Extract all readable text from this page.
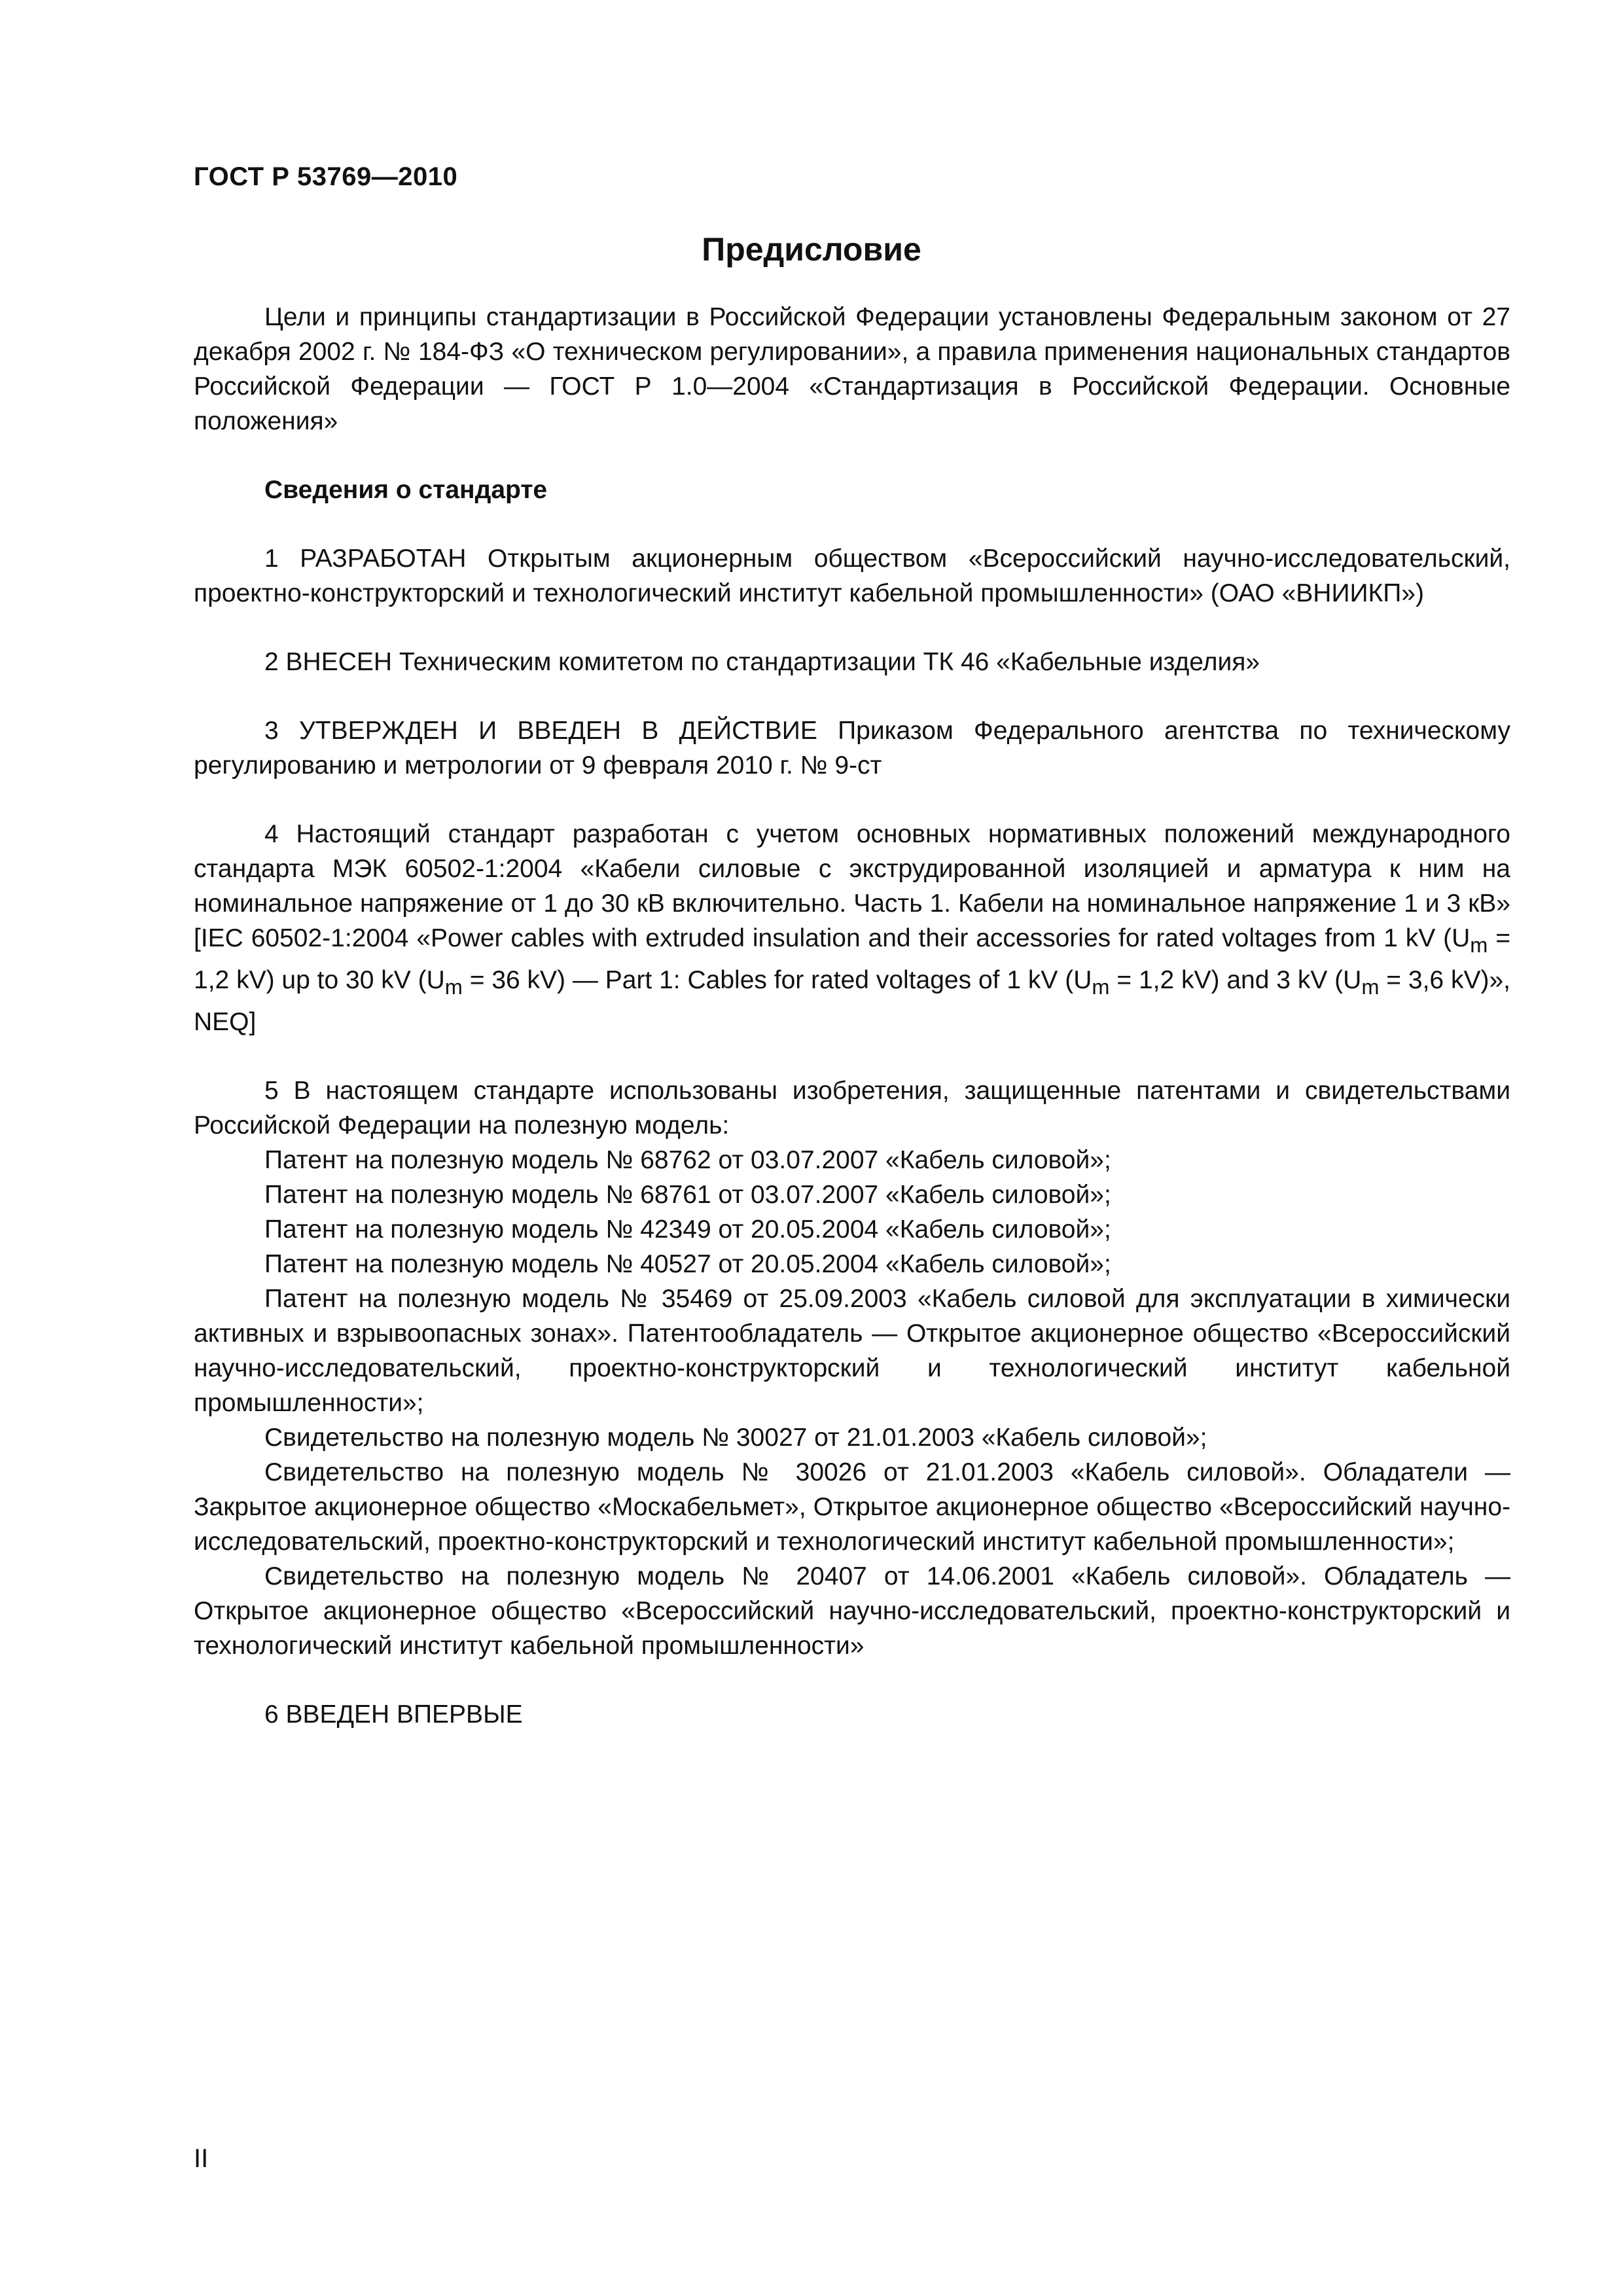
ГОСТ Р 53769—2010
Предисловие

Цели и принципы стандартизации в Российской Федерации установлены Федеральным законом от 27 декабря 2002 г. № 184-ФЗ «О техническом регулировании», а правила применения национальных стандартов Российской Федерации — ГОСТ Р 1.0—2004 «Стандартизация в Российской Федерации. Основные положения»

Сведения о стандарте

1 РАЗРАБОТАН Открытым акционерным обществом «Всероссийский научно-исследовательский, проектно-конструкторский и технологический институт кабельной промышленности» (ОАО «ВНИИКП»)

2 ВНЕСЕН Техническим комитетом по стандартизации ТК 46 «Кабельные изделия»

3 УТВЕРЖДЕН И ВВЕДЕН В ДЕЙСТВИЕ Приказом Федерального агентства по техническому регулированию и метрологии от 9 февраля 2010 г. № 9-ст

4 Настоящий стандарт разработан с учетом основных нормативных положений международного стандарта МЭК 60502-1:2004 «Кабели силовые с экструдированной изоляцией и арматура к ним на номинальное напряжение от 1 до 30 кВ включительно. Часть 1. Кабели на номинальное напряжение 1 и 3 кВ» [IEC 60502-1:2004 «Power cables with extruded insulation and their accessories for rated voltages from 1 kV ($U_m = 1,2$ kV) up to 30 kV ($U_m = 36$ kV) — Part 1: Cables for rated voltages of 1 kV ($U_m = 1,2$ kV) and 3 kV ($U_m = 3,6$ kV)», NEQ]

5 В настоящем стандарте использованы изобретения, защищенные патентами и свидетельствами Российской Федерации на полезную модель:

Патент на полезную модель № 68762 от 03.07.2007 «Кабель силовой»;

Патент на полезную модель № 68761 от 03.07.2007 «Кабель силовой»;

Патент на полезную модель № 42349 от 20.05.2004 «Кабель силовой»;

Патент на полезную модель № 40527 от 20.05.2004 «Кабель силовой»;

Патент на полезную модель № 35469 от 25.09.2003 «Кабель силовой для эксплуатации в химически активных и взрывоопасных зонах». Патентообладатель — Открытое акционерное общество «Всероссийский научно-исследовательский, проектно-конструкторский и технологический институт кабельной промышленности»;

Свидетельство на полезную модель № 30027 от 21.01.2003 «Кабель силовой»;

Свидетельство на полезную модель № 30026 от 21.01.2003 «Кабель силовой». Обладатели — Закрытое акционерное общество «Москабельмет», Открытое акционерное общество «Всероссийский научно-исследовательский, проектно-конструкторский и технологический институт кабельной промышленности»;

Свидетельство на полезную модель № 20407 от 14.06.2001 «Кабель силовой». Обладатель — Открытое акционерное общество «Всероссийский научно-исследовательский, проектно-конструкторский и технологический институт кабельной промышленности»

6 ВВЕДЕН ВПЕРВЫЕ

II
